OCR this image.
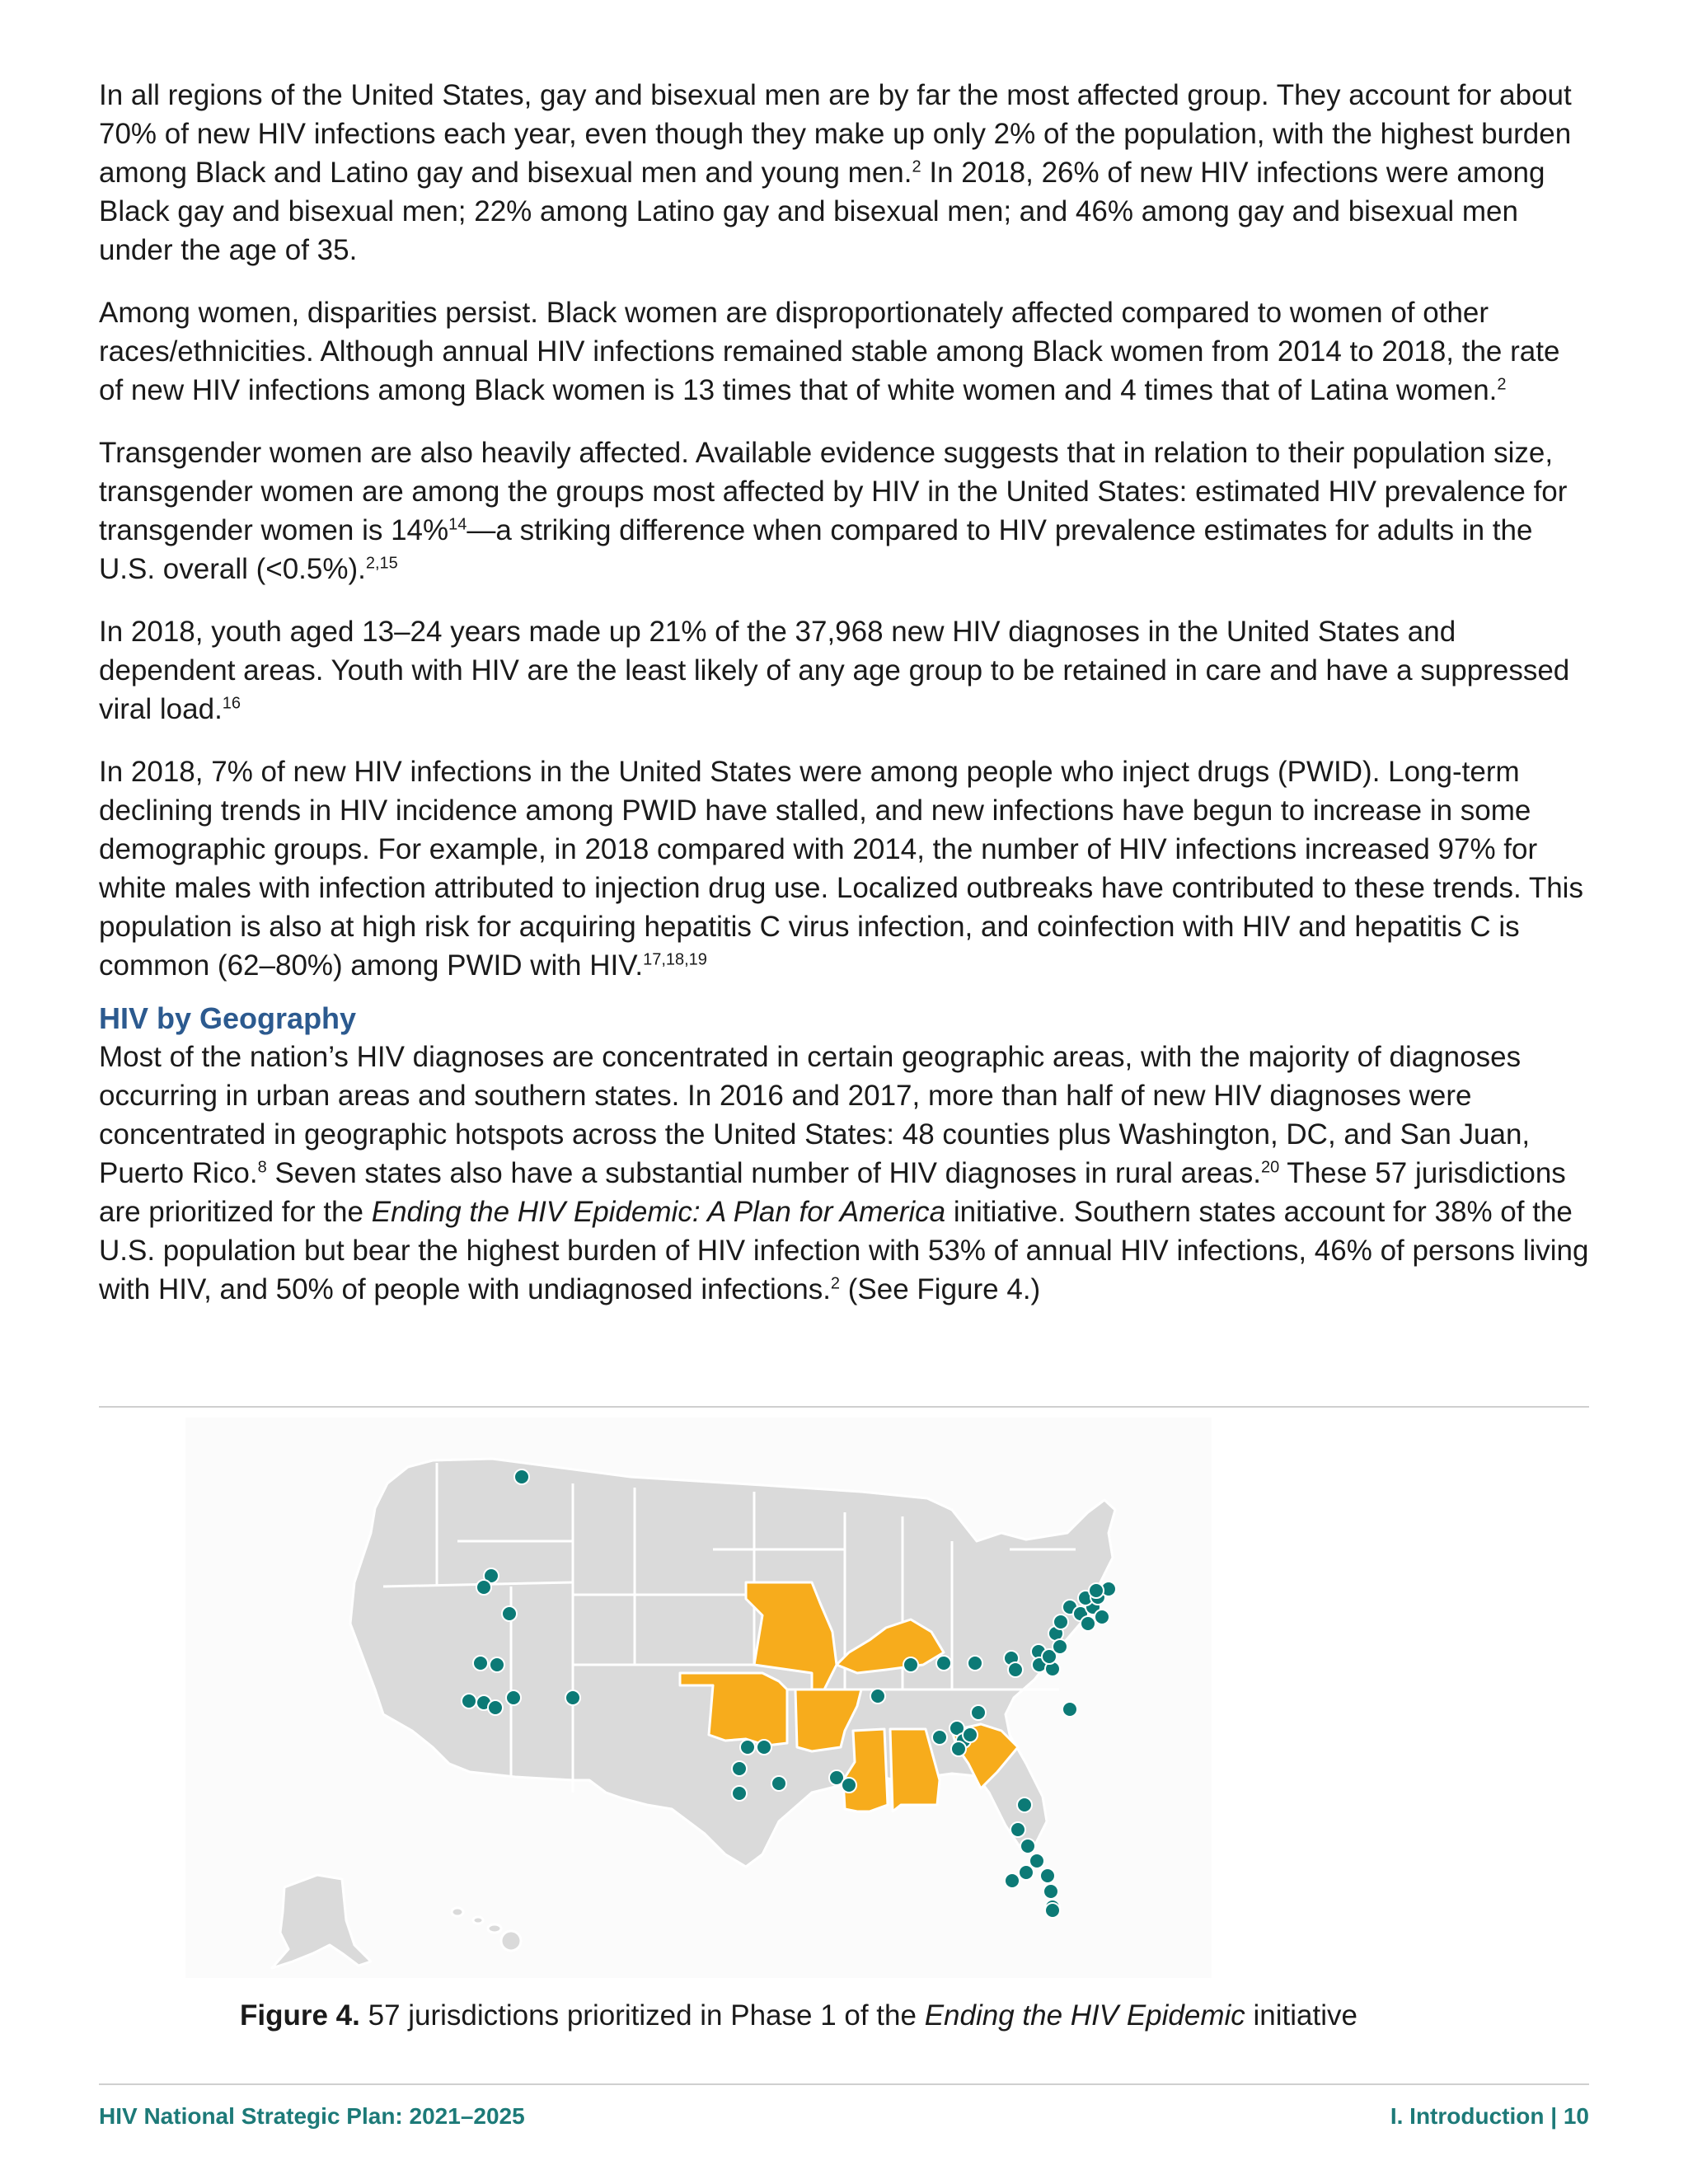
In all regions of the United States, gay and bisexual men are by far the most affected group. They account for about 70% of new HIV infections each year, even though they make up only 2% of the population, with the highest burden among Black and Latino gay and bisexual men and young men.$^2$ In 2018, 26% of new HIV infections were among Black gay and bisexual men; 22% among Latino gay and bisexual men; and 46% among gay and bisexual men under the age of 35.

Among women, disparities persist. Black women are disproportionately affected compared to women of other races/ethnicities. Although annual HIV infections remained stable among Black women from 2014 to 2018, the rate of new HIV infections among Black women is 13 times that of white women and 4 times that of Latina women.$^2$

Transgender women are also heavily affected. Available evidence suggests that in relation to their population size, transgender women are among the groups most affected by HIV in the United States: estimated HIV prevalence for transgender women is 14%$^{14}$—a striking difference when compared to HIV prevalence estimates for adults in the U.S. overall (<0.5%).$^{2,15}$

In 2018, youth aged 13–24 years made up 21% of the 37,968 new HIV diagnoses in the United States and dependent areas. Youth with HIV are the least likely of any age group to be retained in care and have a suppressed viral load.$^{16}$

In 2018, 7% of new HIV infections in the United States were among people who inject drugs (PWID). Long-term declining trends in HIV incidence among PWID have stalled, and new infections have begun to increase in some demographic groups. For example, in 2018 compared with 2014, the number of HIV infections increased 97% for white males with infection attributed to injection drug use. Localized outbreaks have contributed to these trends. This population is also at high risk for acquiring hepatitis C virus infection, and coinfection with HIV and hepatitis C is common (62–80%) among PWID with HIV.$^{17,18,19}$

HIV by Geography

Most of the nation’s HIV diagnoses are concentrated in certain geographic areas, with the majority of diagnoses occurring in urban areas and southern states. In 2016 and 2017, more than half of new HIV diagnoses were concentrated in geographic hotspots across the United States: 48 counties plus Washington, DC, and San Juan, Puerto Rico.$^8$ Seven states also have a substantial number of HIV diagnoses in rural areas.$^{20}$ These 57 jurisdictions are prioritized for the Ending the HIV Epidemic: A Plan for America initiative. Southern states account for 38% of the U.S. population but bear the highest burden of HIV infection with 53% of annual HIV infections, 46% of persons living with HIV, and 50% of people with undiagnosed infections.$^2$ (See Figure 4.)

Figure 4. 57 jurisdictions prioritized in Phase 1 of the Ending the HIV Epidemic initiative
HIV National Strategic Plan: 2021–2025	I. Introduction | 10
